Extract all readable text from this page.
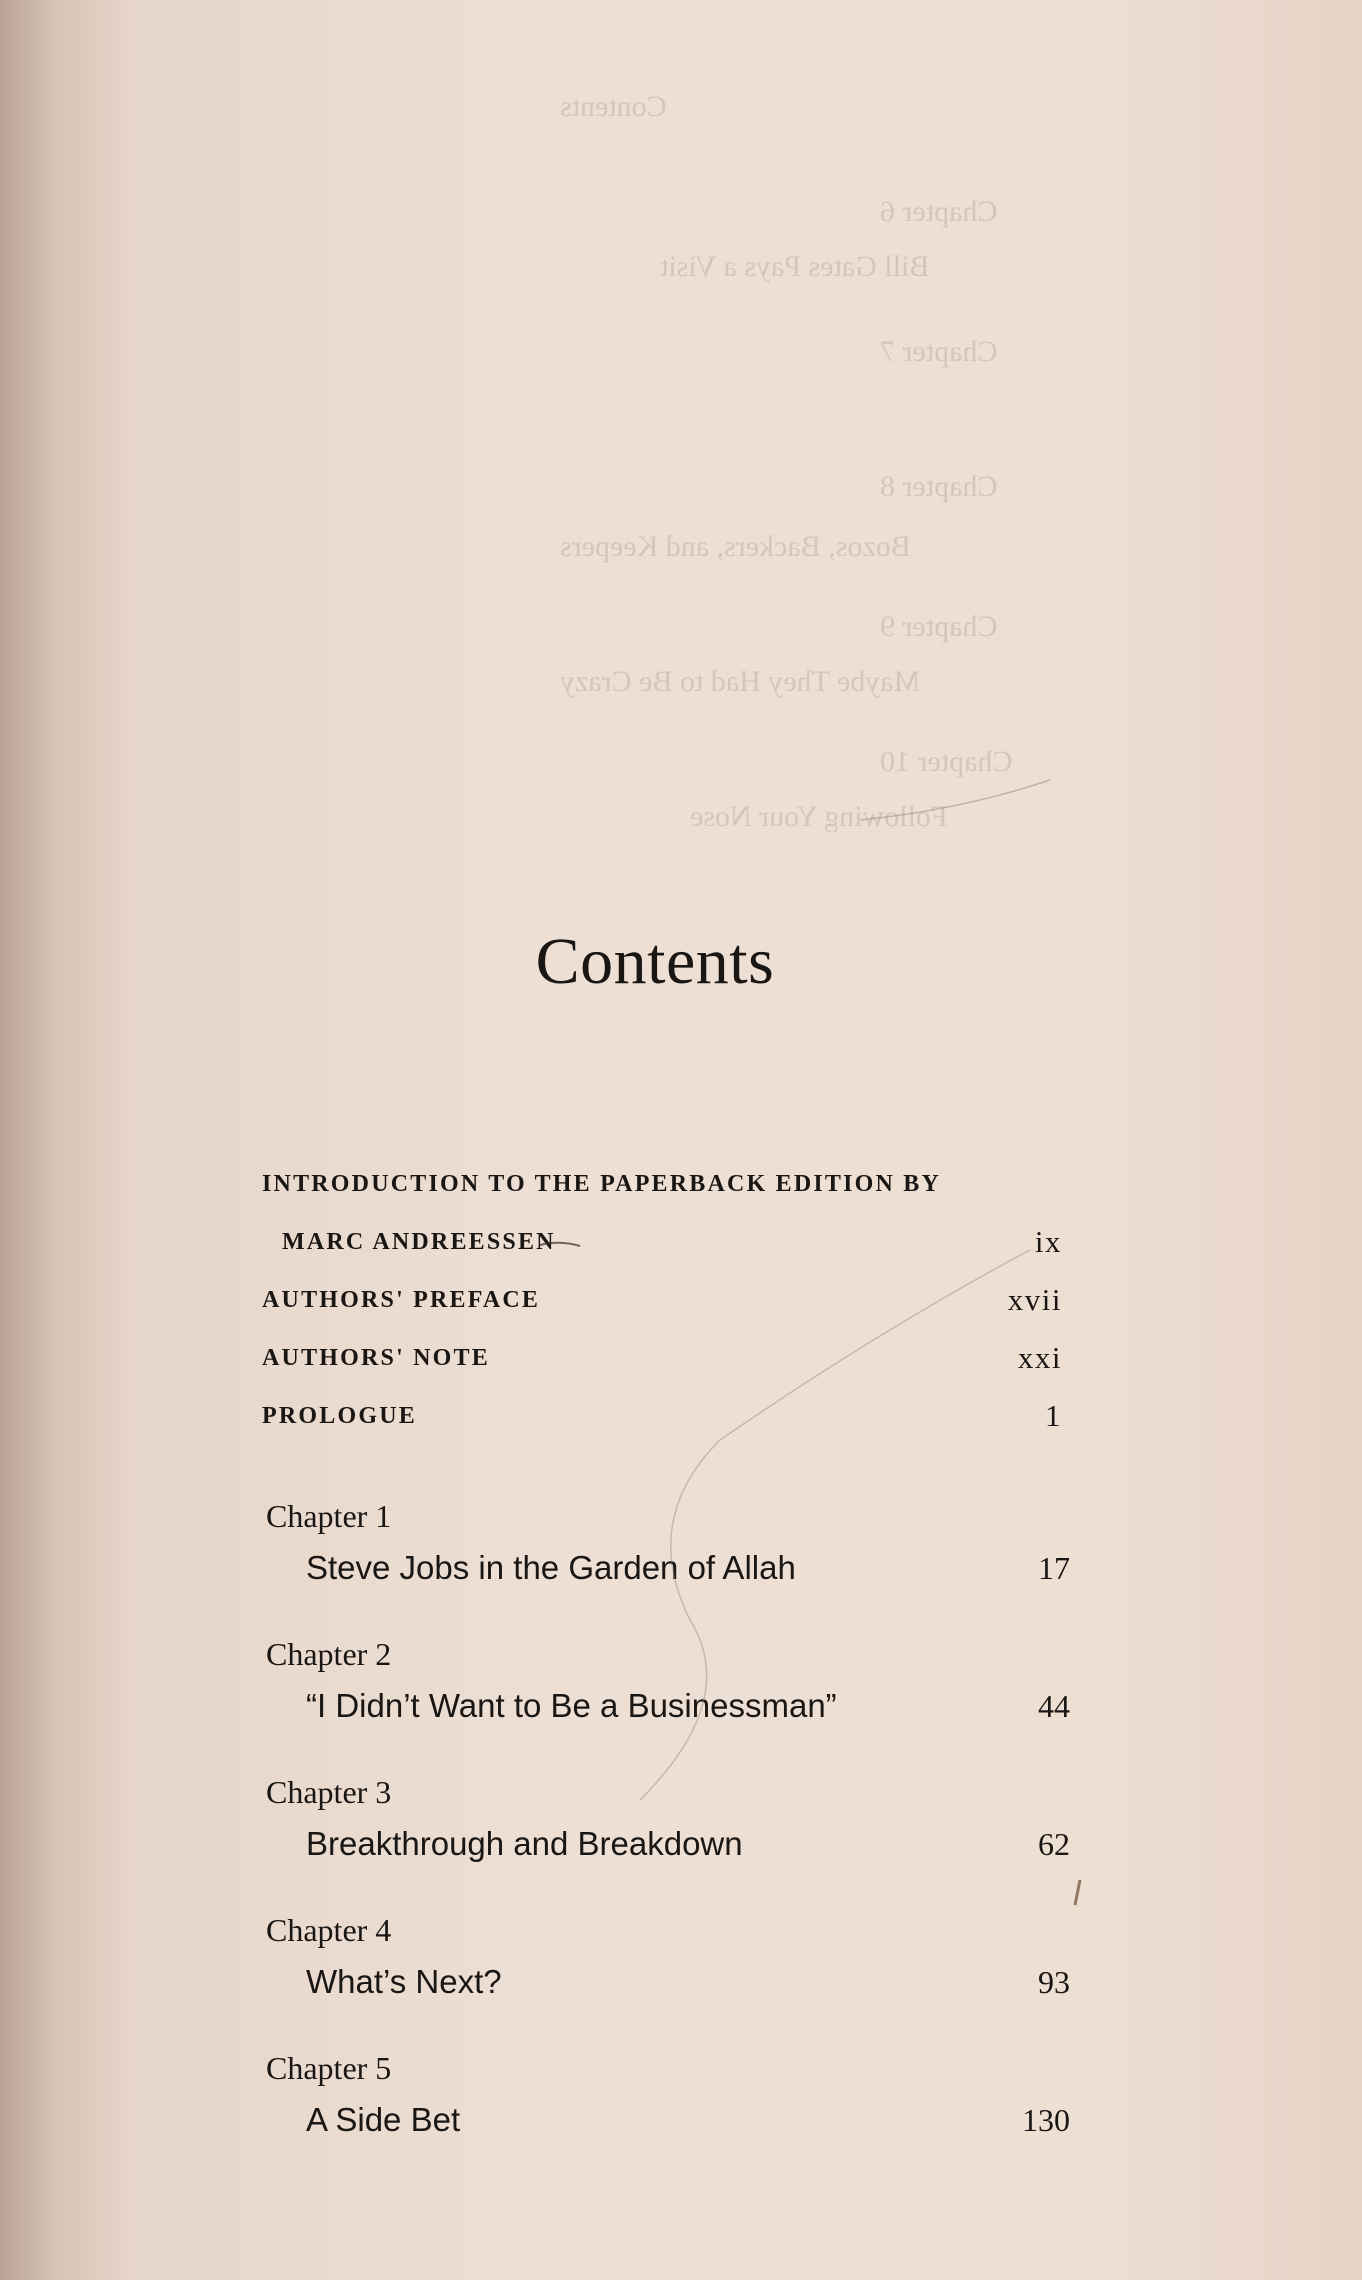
Contents
Chapter 6
Bill Gates Pays a Visit
Chapter 7
Chapter 8
Bozos, Backers, and Keepers
Chapter 9
Maybe They Had to Be Crazy
Chapter 10
Following Your Nose
Contents
INTRODUCTION TO THE PAPERBACK EDITION BY
MARC ANDREESSEN	ix
AUTHORS' PREFACE	xvii
AUTHORS' NOTE	xxi
PROLOGUE	1
Chapter 1
Steve Jobs in the Garden of Allah	17
Chapter 2
“I Didn’t Want to Be a Businessman”	44
Chapter 3
Breakthrough and Breakdown	62
Chapter 4
What’s Next?	93
Chapter 5
A Side Bet	130
